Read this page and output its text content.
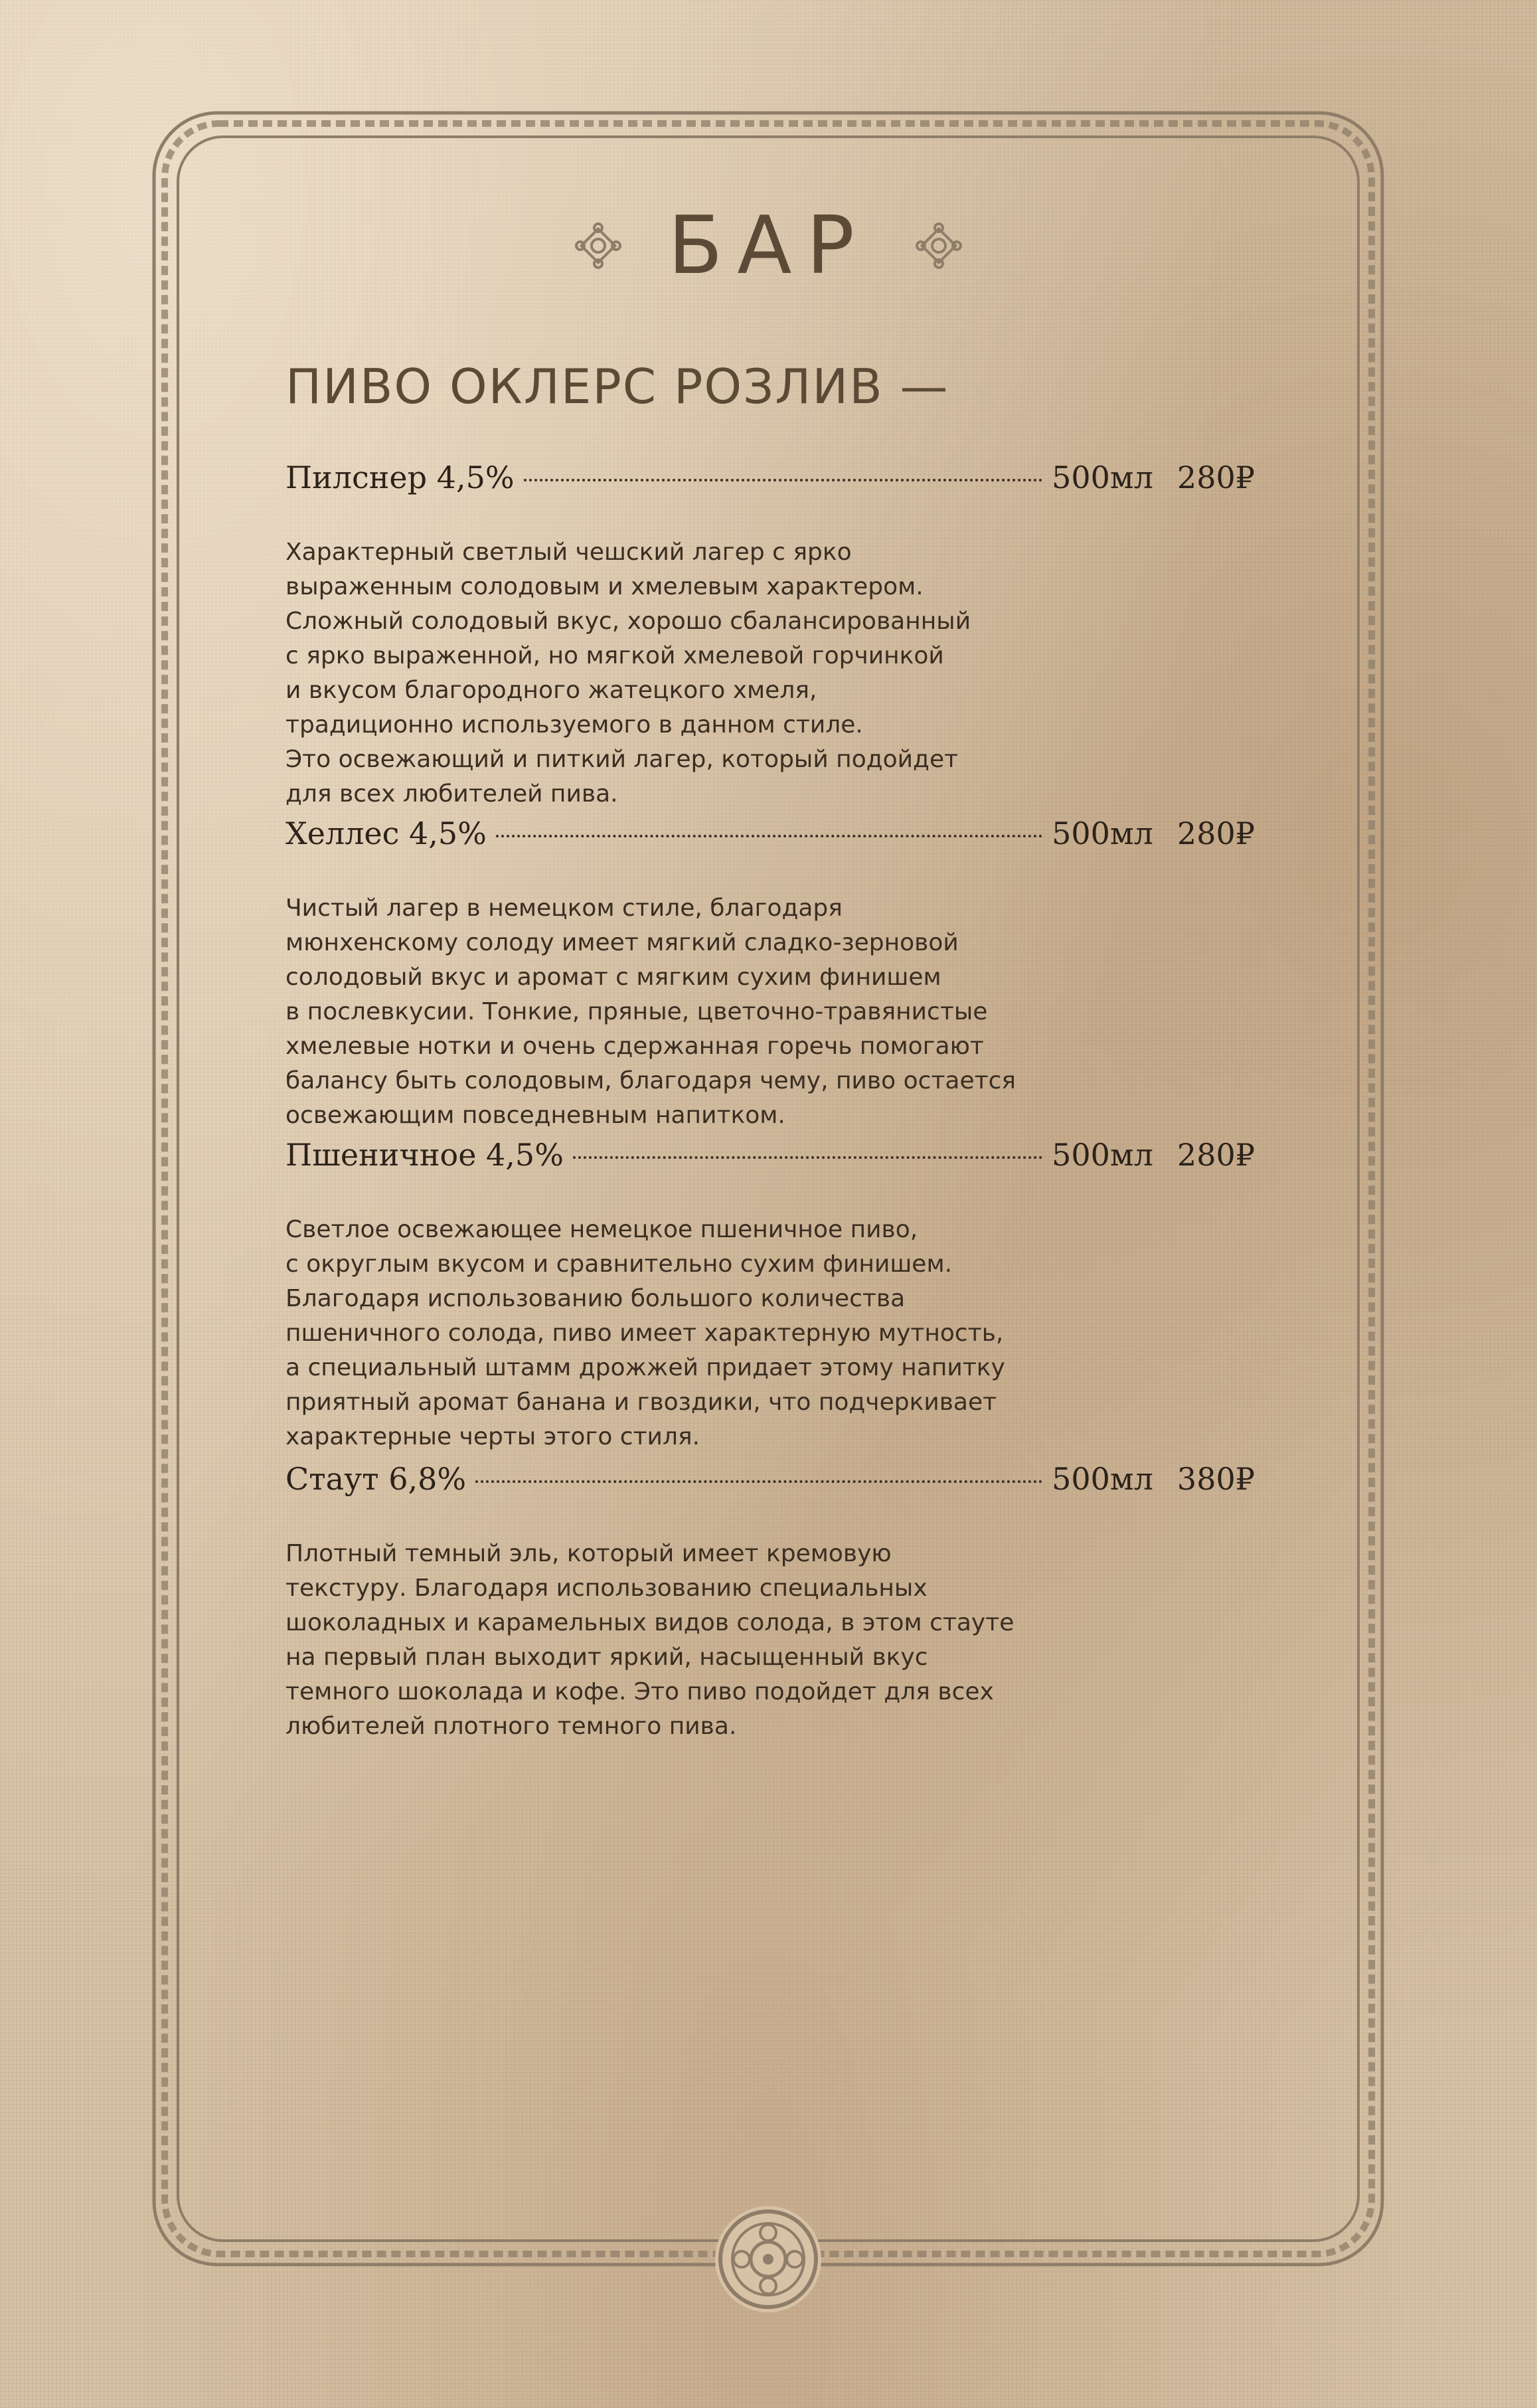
БАР
ПИВО ОКЛЕРС РОЗЛИВ —
Пилснер 4,5%	500мл 280₽
Характерный светлый чешский лагер с ярко
выраженным солодовым и хмелевым характером.
Сложный солодовый вкус, хорошо сбалансированный
с ярко выраженной, но мягкой хмелевой горчинкой
и вкусом благородного жатецкого хмеля,
традиционно используемого в данном стиле.
Это освежающий и питкий лагер, который подойдет
для всех любителей пива.
Хеллес 4,5%	500мл 280₽
Чистый лагер в немецком стиле, благодаря
мюнхенскому солоду имеет мягкий сладко-зерновой
солодовый вкус и аромат с мягким сухим финишем
в послевкусии. Тонкие, пряные, цветочно-травянистые
хмелевые нотки и очень сдержанная горечь помогают
балансу быть солодовым, благодаря чему, пиво остается
освежающим повседневным напитком.
Пшеничное 4,5%	500мл 280₽
Светлое освежающее немецкое пшеничное пиво,
с округлым вкусом и сравнительно сухим финишем.
Благодаря использованию большого количества
пшеничного солода, пиво имеет характерную мутность,
а специальный штамм дрожжей придает этому напитку
приятный аромат банана и гвоздики, что подчеркивает
характерные черты этого стиля.
Стаут 6,8%	500мл 380₽
Плотный темный эль, который имеет кремовую
текстуру. Благодаря использованию специальных
шоколадных и карамельных видов солода, в этом стауте
на первый план выходит яркий, насыщенный вкус
темного шоколада и кофе. Это пиво подойдет для всех
любителей плотного темного пива.
